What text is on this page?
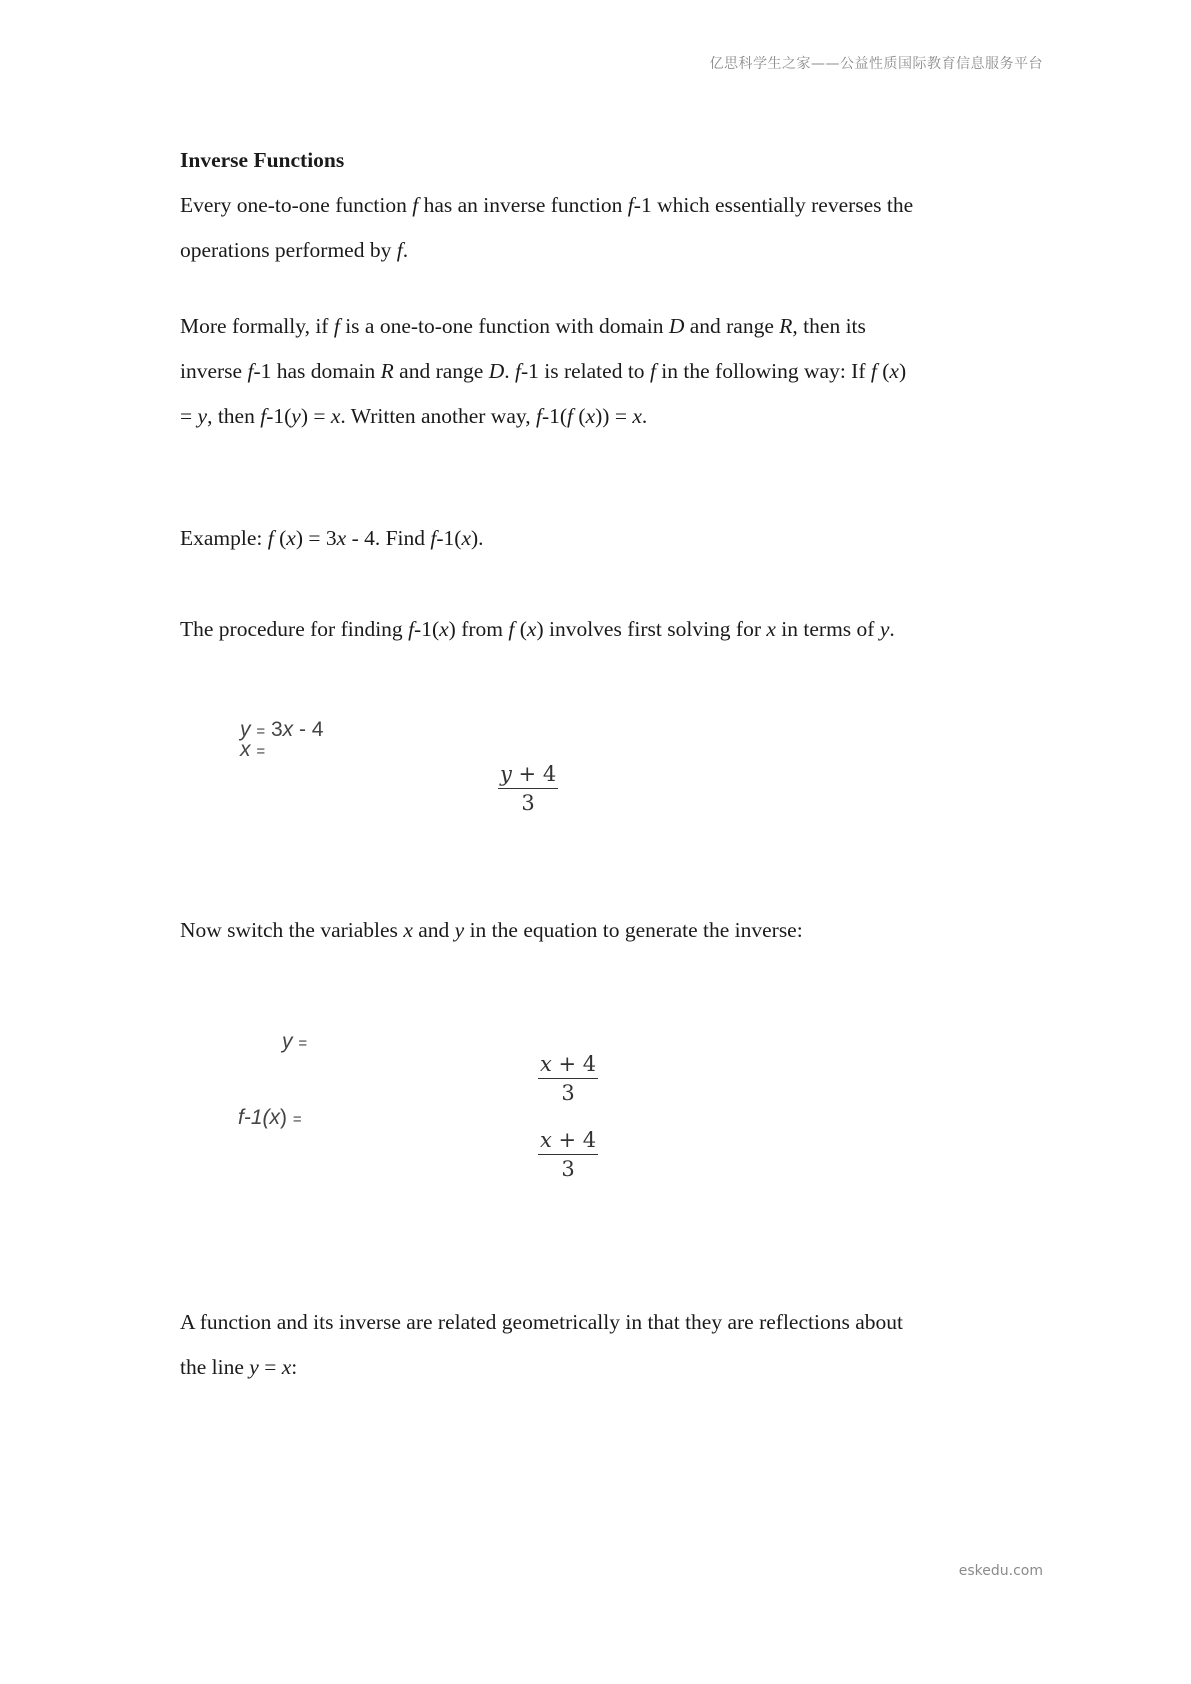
亿思科学生之家——公益性质国际教育信息服务平台
Inverse Functions
Every one-to-one function f has an inverse function f-1 which essentially reverses the
operations performed by f.
More formally, if f is a one-to-one function with domain D and range R, then its
inverse f-1 has domain R and range D. f-1 is related to f in the following way: If f (x)
= y, then f-1(y) = x. Written another way, f-1(f (x)) = x.
Example: f (x) = 3x - 4. Find f-1(x).
The procedure for finding f-1(x) from f (x) involves first solving for x in terms of y.
y = 3x - 4
x =
$\frac{y + 4}{3}$
Now switch the variables x and y in the equation to generate the inverse:
y =
f-1(x) =
$\frac{x + 4}{3}$
$\frac{x + 4}{3}$
A function and its inverse are related geometrically in that they are reflections about
the line y = x:
eskedu.com
